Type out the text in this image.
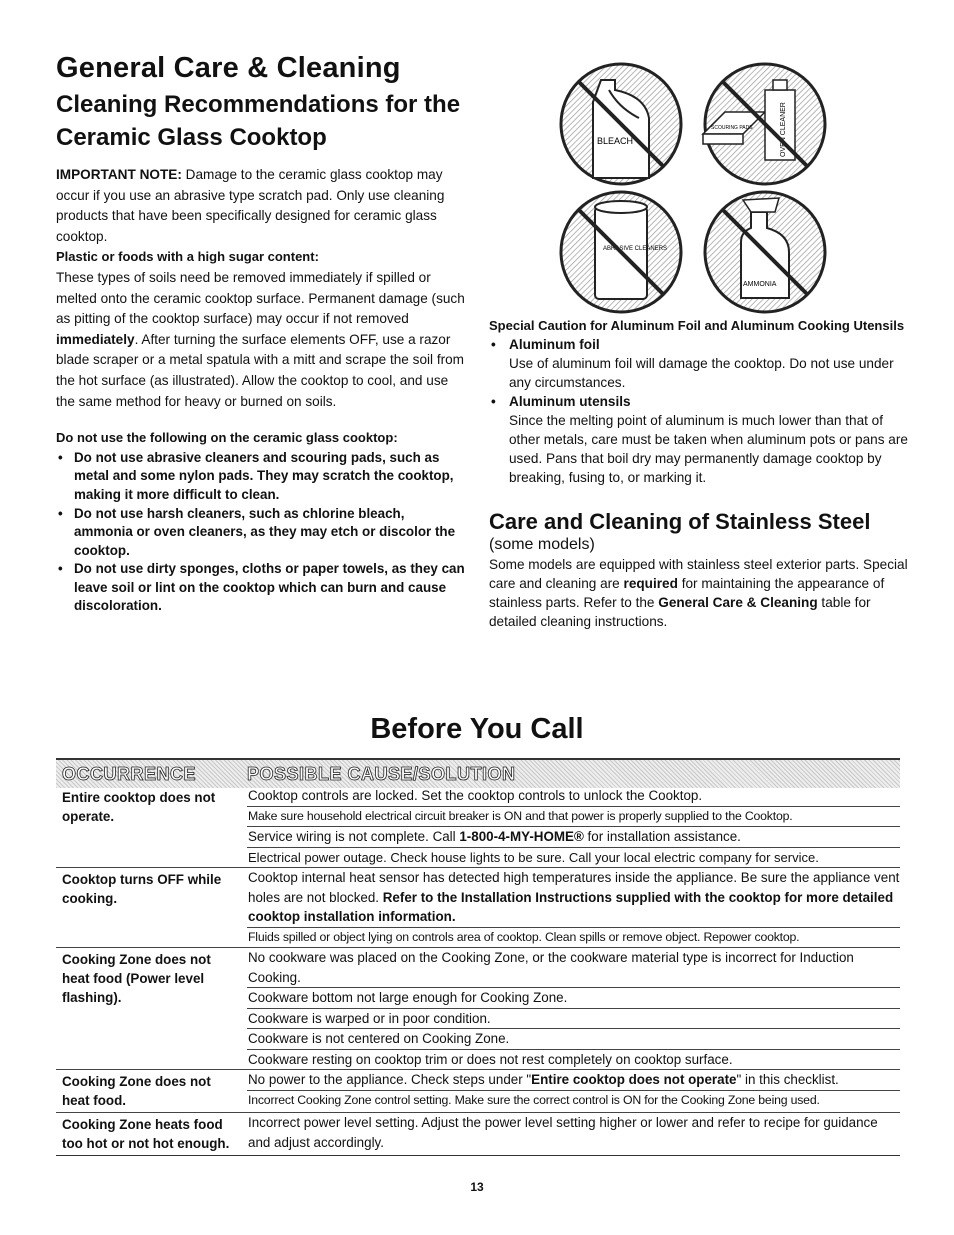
General Care & Cleaning
Cleaning Recommendations for the Ceramic Glass Cooktop

IMPORTANT NOTE: Damage to the ceramic glass cooktop may occur if you use an abrasive type scratch pad. Only use cleaning products that have been specifically designed for ceramic glass cooktop.

Plastic or foods with a high sugar content:

These types of soils need be removed immediately if spilled or melted onto the ceramic cooktop surface. Permanent damage (such as pitting of the cooktop surface) may occur if not removed immediately. After turning the surface elements OFF, use a razor blade scraper or a metal spatula with a mitt and scrape the soil from the hot surface (as illustrated). Allow the cooktop to cool, and use the same method for heavy or burned on soils.

Do not use the following on the ceramic glass cooktop:

• Do not use abrasive cleaners and scouring pads, such as metal and some nylon pads. They may scratch the cooktop, making it more difficult to clean.
• Do not use harsh cleaners, such as chlorine bleach, ammonia or oven cleaners, as they may etch or discolor the cooktop.
• Do not use dirty sponges, cloths or paper towels, as they can leave soil or lint on the cooktop which can burn and cause discoloration.
BLEACH
SCOURING PADS	OVEN CLEANER
ABRASIVE CLEANERS
AMMONIA

Special Caution for Aluminum Foil and Aluminum Cooking Utensils

• Aluminum foil

Use of aluminum foil will damage the cooktop. Do not use under any circumstances.

• Aluminum utensils

Since the melting point of aluminum is much lower than that of other metals, care must be taken when aluminum pots or pans are used. Pans that boil dry may permanently damage cooktop by breaking, fusing to, or marking it.

Care and Cleaning of Stainless Steel
(some models)

Some models are equipped with stainless steel exterior parts. Special care and cleaning are required for maintaining the appearance of stainless parts. Refer to the General Care & Cleaning table for detailed cleaning instructions.

Before You Call
OCCURRENCE	POSSIBLE CAUSE/SOLUTION
Entire cooktop does not operate.
Cooktop controls are locked. Set the cooktop controls to unlock the Cooktop.
Make sure household electrical circuit breaker is ON and that power is properly supplied to the Cooktop.
Service wiring is not complete. Call 1-800-4-MY-HOME® for installation assistance.
Electrical power outage. Check house lights to be sure. Call your local electric company for service.
Cooktop turns OFF while cooking.
Cooktop internal heat sensor has detected high temperatures inside the appliance. Be sure the appliance vent holes are not blocked. Refer to the Installation Instructions supplied with the cooktop for more detailed cooktop installation information.
Fluids spilled or object lying on controls area of cooktop. Clean spills or remove object. Repower cooktop.
Cooking Zone does not heat food (Power level flashing).
No cookware was placed on the Cooking Zone, or the cookware material type is incorrect for Induction Cooking.
Cookware bottom not large enough for Cooking Zone.
Cookware is warped or in poor condition.
Cookware is not centered on Cooking Zone.
Cookware resting on cooktop trim or does not rest completely on cooktop surface.
Cooking Zone does not heat food.
No power to the appliance. Check steps under "Entire cooktop does not operate" in this checklist.
Incorrect Cooking Zone control setting. Make sure the correct control is ON for the Cooking Zone being used.
Cooking Zone heats food too hot or not hot enough.
Incorrect power level setting. Adjust the power level setting higher or lower and refer to recipe for guidance and adjust accordingly.
13
